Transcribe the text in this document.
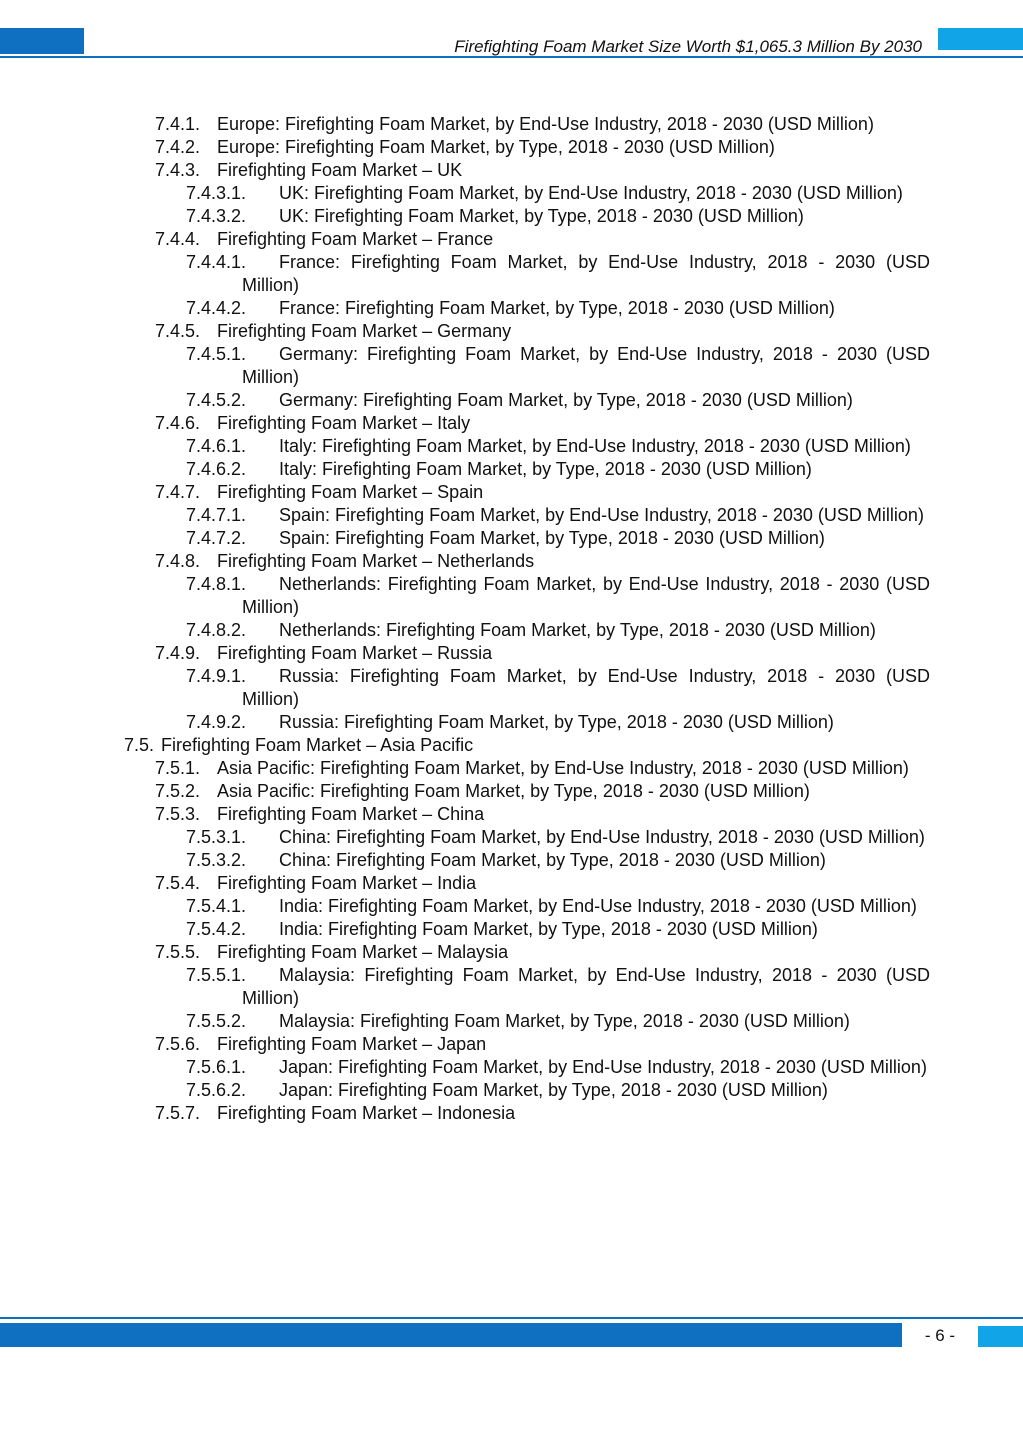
Firefighting Foam Market Size Worth $1,065.3 Million By 2030
7.4.1. Europe: Firefighting Foam Market, by End-Use Industry, 2018 - 2030 (USD Million)
7.4.2. Europe: Firefighting Foam Market, by Type, 2018 - 2030 (USD Million)
7.4.3. Firefighting Foam Market – UK
7.4.3.1.	UK: Firefighting Foam Market, by End-Use Industry, 2018 - 2030 (USD Million)
7.4.3.2.	UK: Firefighting Foam Market, by Type, 2018 - 2030 (USD Million)
7.4.4. Firefighting Foam Market – France
7.4.4.1.	France: Firefighting Foam Market, by End-Use Industry, 2018 - 2030 (USD Million)
7.4.4.2.	France: Firefighting Foam Market, by Type, 2018 - 2030 (USD Million)
7.4.5. Firefighting Foam Market – Germany
7.4.5.1.	Germany: Firefighting Foam Market, by End-Use Industry, 2018 - 2030 (USD Million)
7.4.5.2.	Germany: Firefighting Foam Market, by Type, 2018 - 2030 (USD Million)
7.4.6. Firefighting Foam Market – Italy
7.4.6.1.	Italy: Firefighting Foam Market, by End-Use Industry, 2018 - 2030 (USD Million)
7.4.6.2.	Italy: Firefighting Foam Market, by Type, 2018 - 2030 (USD Million)
7.4.7. Firefighting Foam Market – Spain
7.4.7.1.	Spain: Firefighting Foam Market, by End-Use Industry, 2018 - 2030 (USD Million)
7.4.7.2.	Spain: Firefighting Foam Market, by Type, 2018 - 2030 (USD Million)
7.4.8. Firefighting Foam Market – Netherlands
7.4.8.1.	Netherlands: Firefighting Foam Market, by End-Use Industry, 2018 - 2030 (USD Million)
7.4.8.2.	Netherlands: Firefighting Foam Market, by Type, 2018 - 2030 (USD Million)
7.4.9. Firefighting Foam Market – Russia
7.4.9.1.	Russia: Firefighting Foam Market, by End-Use Industry, 2018 - 2030 (USD Million)
7.4.9.2.	Russia: Firefighting Foam Market, by Type, 2018 - 2030 (USD Million)
7.5. Firefighting Foam Market – Asia Pacific
7.5.1. Asia Pacific: Firefighting Foam Market, by End-Use Industry, 2018 - 2030 (USD Million)
7.5.2. Asia Pacific: Firefighting Foam Market, by Type, 2018 - 2030 (USD Million)
7.5.3. Firefighting Foam Market – China
7.5.3.1.	China: Firefighting Foam Market, by End-Use Industry, 2018 - 2030 (USD Million)
7.5.3.2.	China: Firefighting Foam Market, by Type, 2018 - 2030 (USD Million)
7.5.4. Firefighting Foam Market – India
7.5.4.1.	India: Firefighting Foam Market, by End-Use Industry, 2018 - 2030 (USD Million)
7.5.4.2.	India: Firefighting Foam Market, by Type, 2018 - 2030 (USD Million)
7.5.5. Firefighting Foam Market – Malaysia
7.5.5.1.	Malaysia: Firefighting Foam Market, by End-Use Industry, 2018 - 2030 (USD Million)
7.5.5.2.	Malaysia: Firefighting Foam Market, by Type, 2018 - 2030 (USD Million)
7.5.6. Firefighting Foam Market – Japan
7.5.6.1.	Japan: Firefighting Foam Market, by End-Use Industry, 2018 - 2030 (USD Million)
7.5.6.2.	Japan: Firefighting Foam Market, by Type, 2018 - 2030 (USD Million)
7.5.7. Firefighting Foam Market – Indonesia
- 6 -
